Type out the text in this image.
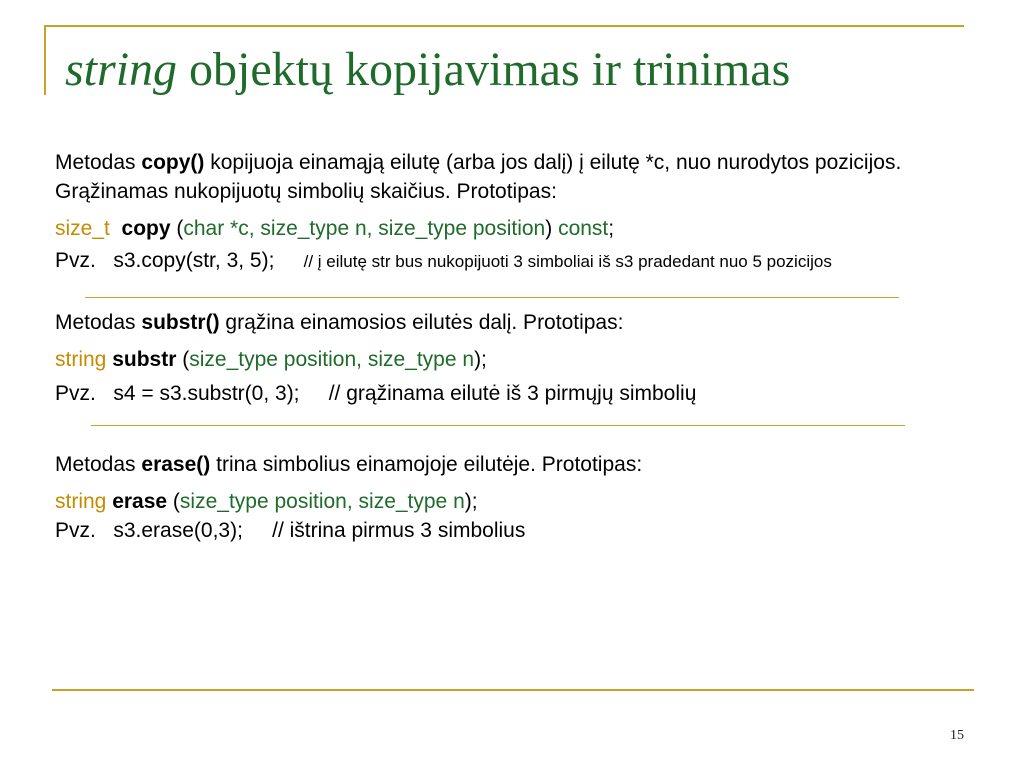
string objektų kopijavimas ir trinimas

Metodas copy() kopijuoja einamąją eilutę (arba jos dalį) į eilutę *c, nuo nurodytos pozicijos. Grąžinamas nukopijuotų simbolių skaičius. Prototipas:

size_t copy (char *c, size_type n, size_type position) const;

Pvz. s3.copy(str, 3, 5); // į eilutę str bus nukopijuoti 3 simboliai iš s3 pradedant nuo 5 pozicijos

Metodas substr() grąžina einamosios eilutės dalį. Prototipas:

string substr (size_type position, size_type n);

Pvz. s4 = s3.substr(0, 3); // grąžinama eilutė iš 3 pirmųjų simbolių

Metodas erase() trina simbolius einamojoje eilutėje. Prototipas:

string erase (size_type position, size_type n);

Pvz. s3.erase(0,3); // ištrina pirmus 3 simbolius

15
